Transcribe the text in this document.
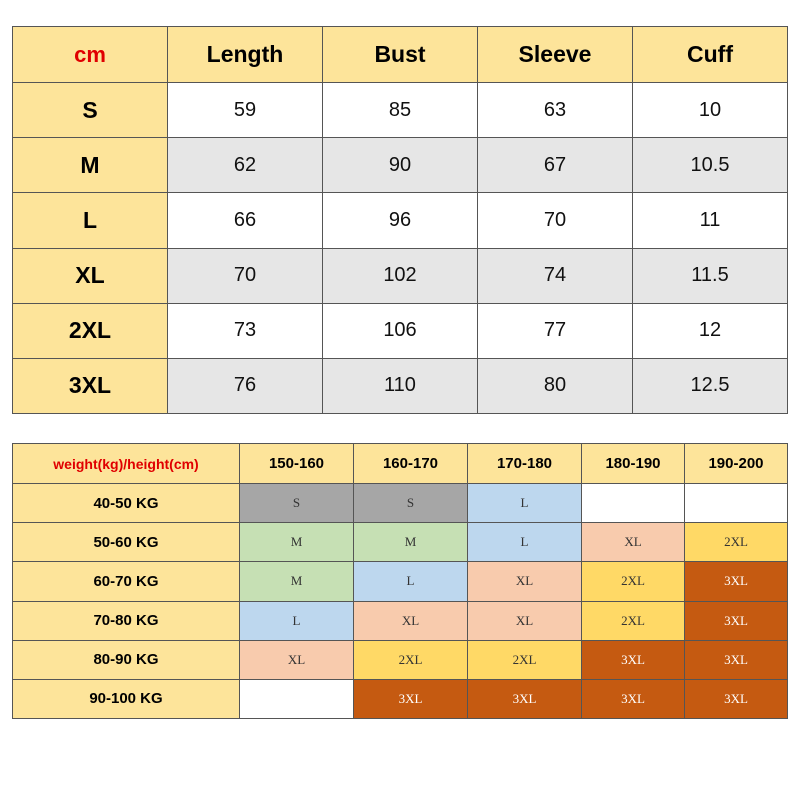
cm	Length	Bust	Sleeve	Cuff
S	59	85	63	10
M	62	90	67	10.5
L	66	96	70	11
XL	70	102	74	11.5
2XL	73	106	77	12
3XL	76	110	80	12.5
weight(kg)/height(cm)	150-160	160-170	170-180	180-190	190-200
40-50 KG	S	S	L		
50-60 KG	M	M	L	XL	2XL
60-70 KG	M	L	XL	2XL	3XL
70-80 KG	L	XL	XL	2XL	3XL
80-90 KG	XL	2XL	2XL	3XL	3XL
90-100 KG		3XL	3XL	3XL	3XL
